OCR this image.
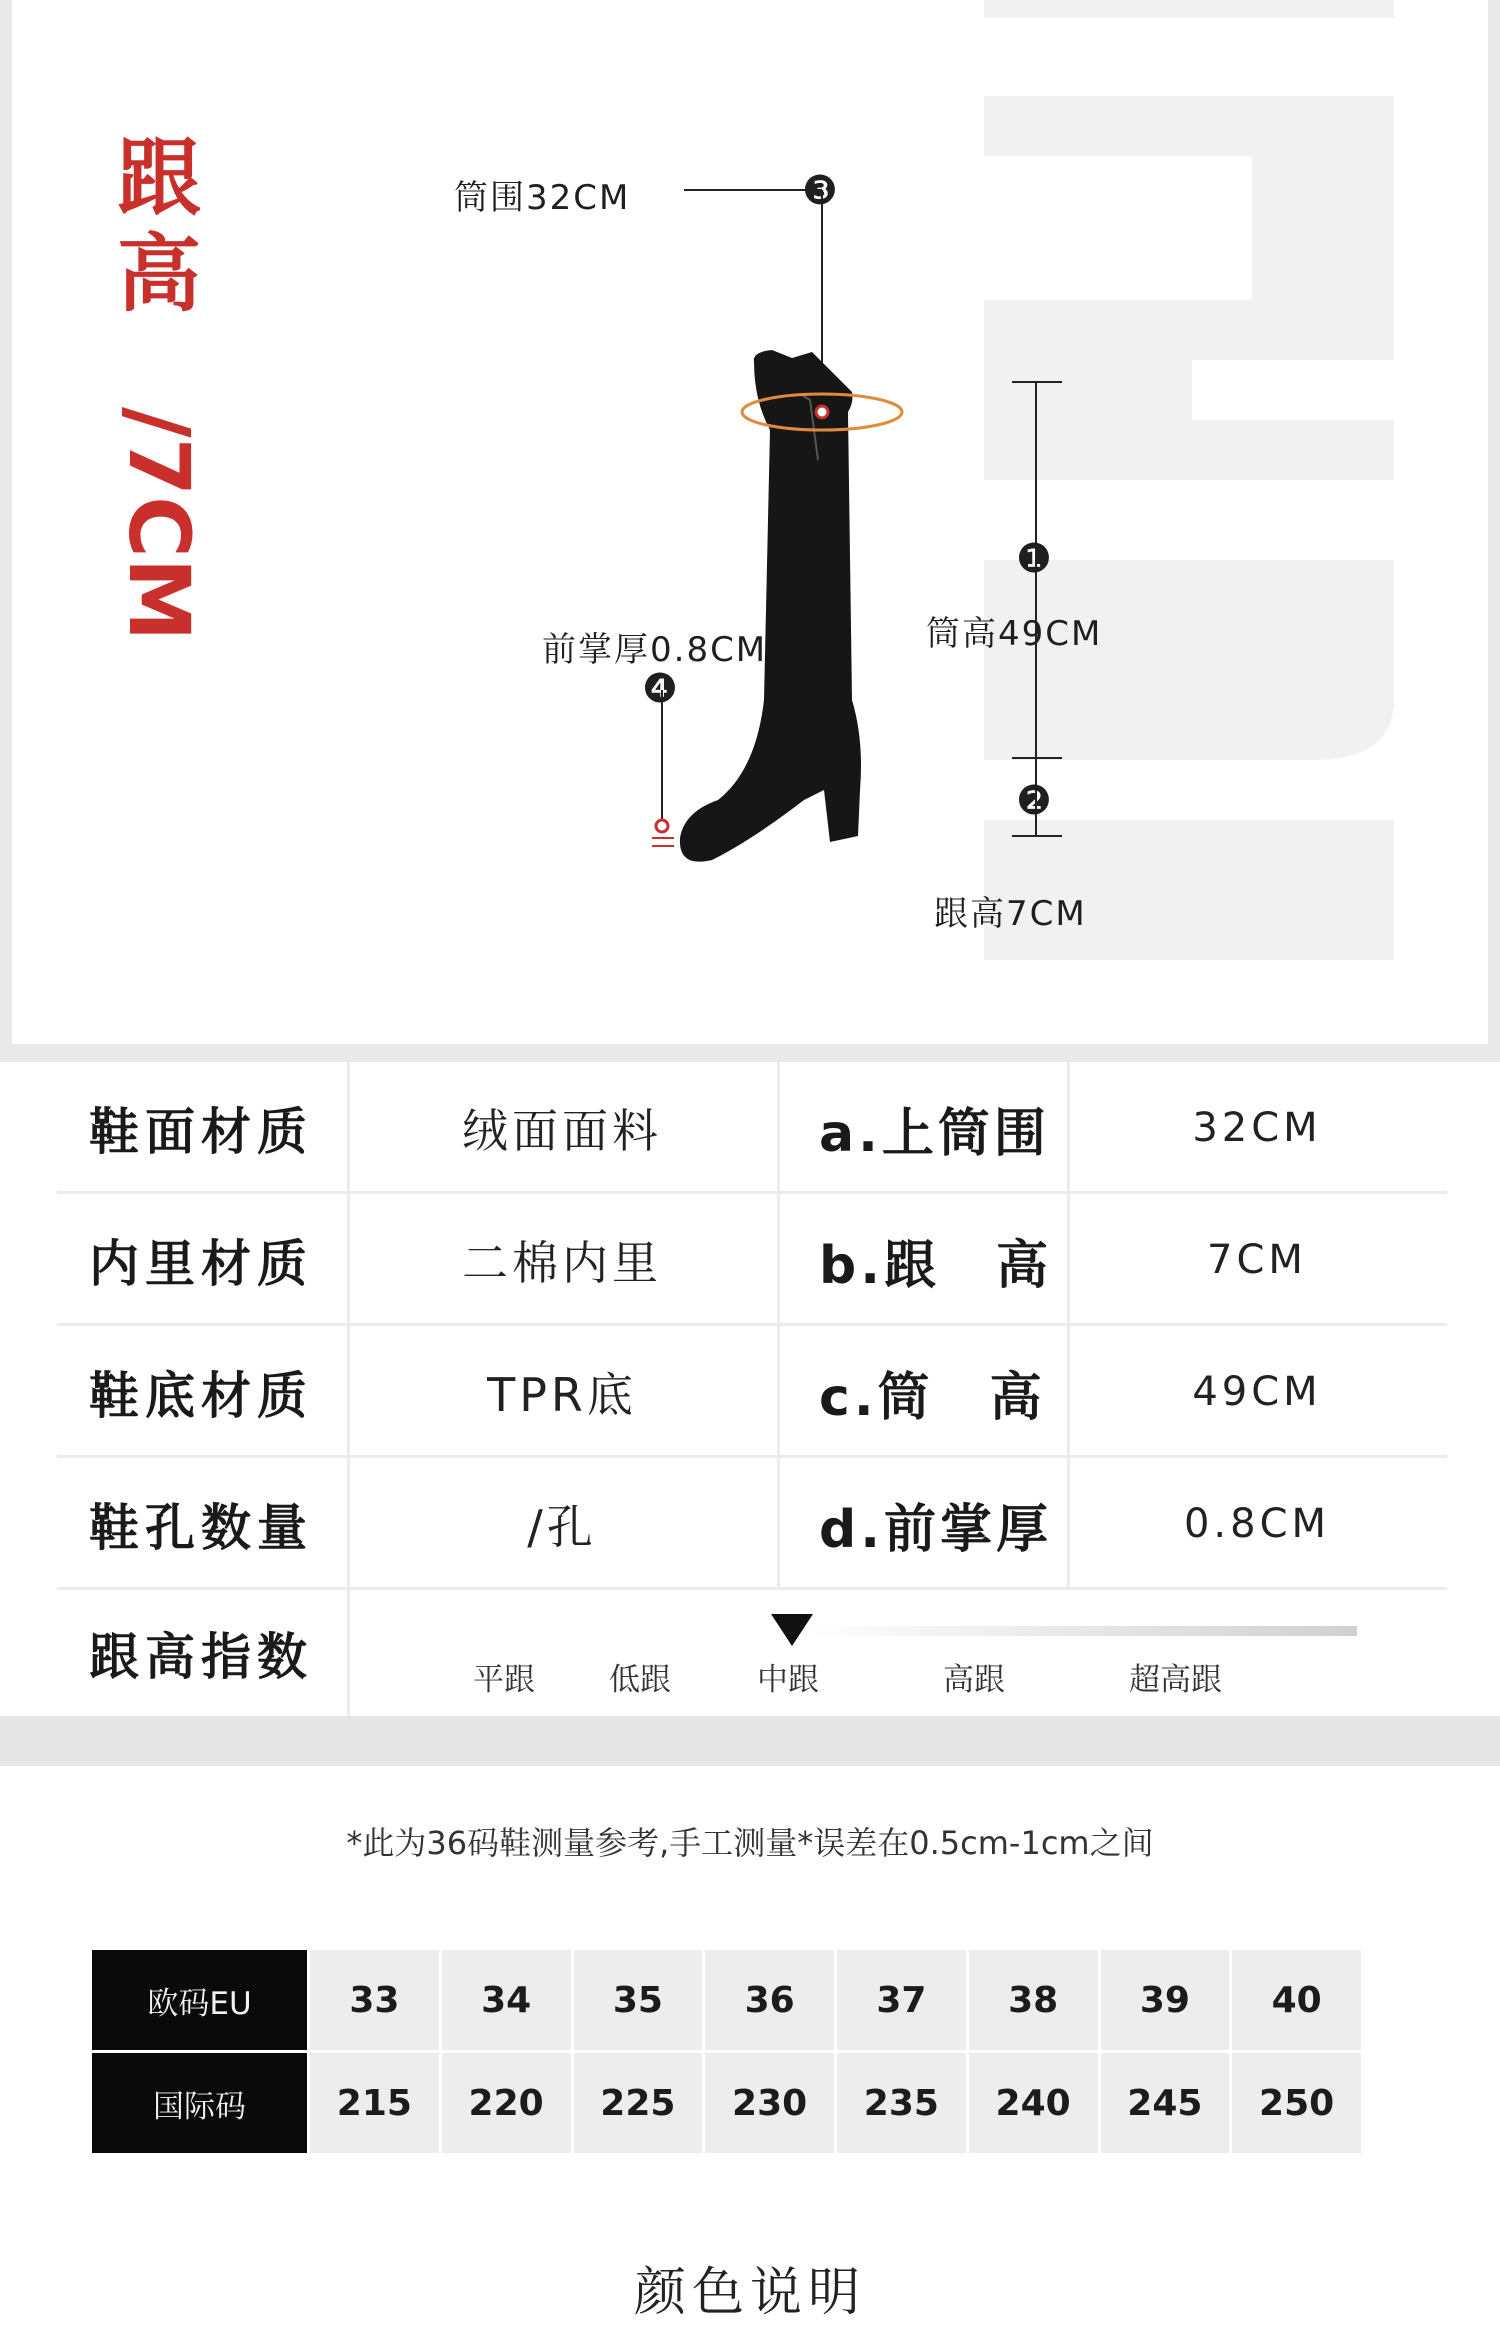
跟高
/7CM
❸
❶
❷
❹
筒围32CM
筒高49CM
跟高7CM
前掌厚0.8CM
鞋面材质	绒面面料	a.上筒围	32CM
内里材质	二棉内里	b.跟　高	7CM
鞋底材质	TPR底	c.筒　高	49CM
鞋孔数量	/孔	d.前掌厚	0.8CM
跟高指数	平跟 低跟	中跟	高跟	超高跟
*此为36码鞋测量参考,手工测量*误差在0.5cm-1cm之间
欧码EU	33	34	35	36	37	38	39	40
国际码	215	220	225	230	235	240	245	250
颜色说明
